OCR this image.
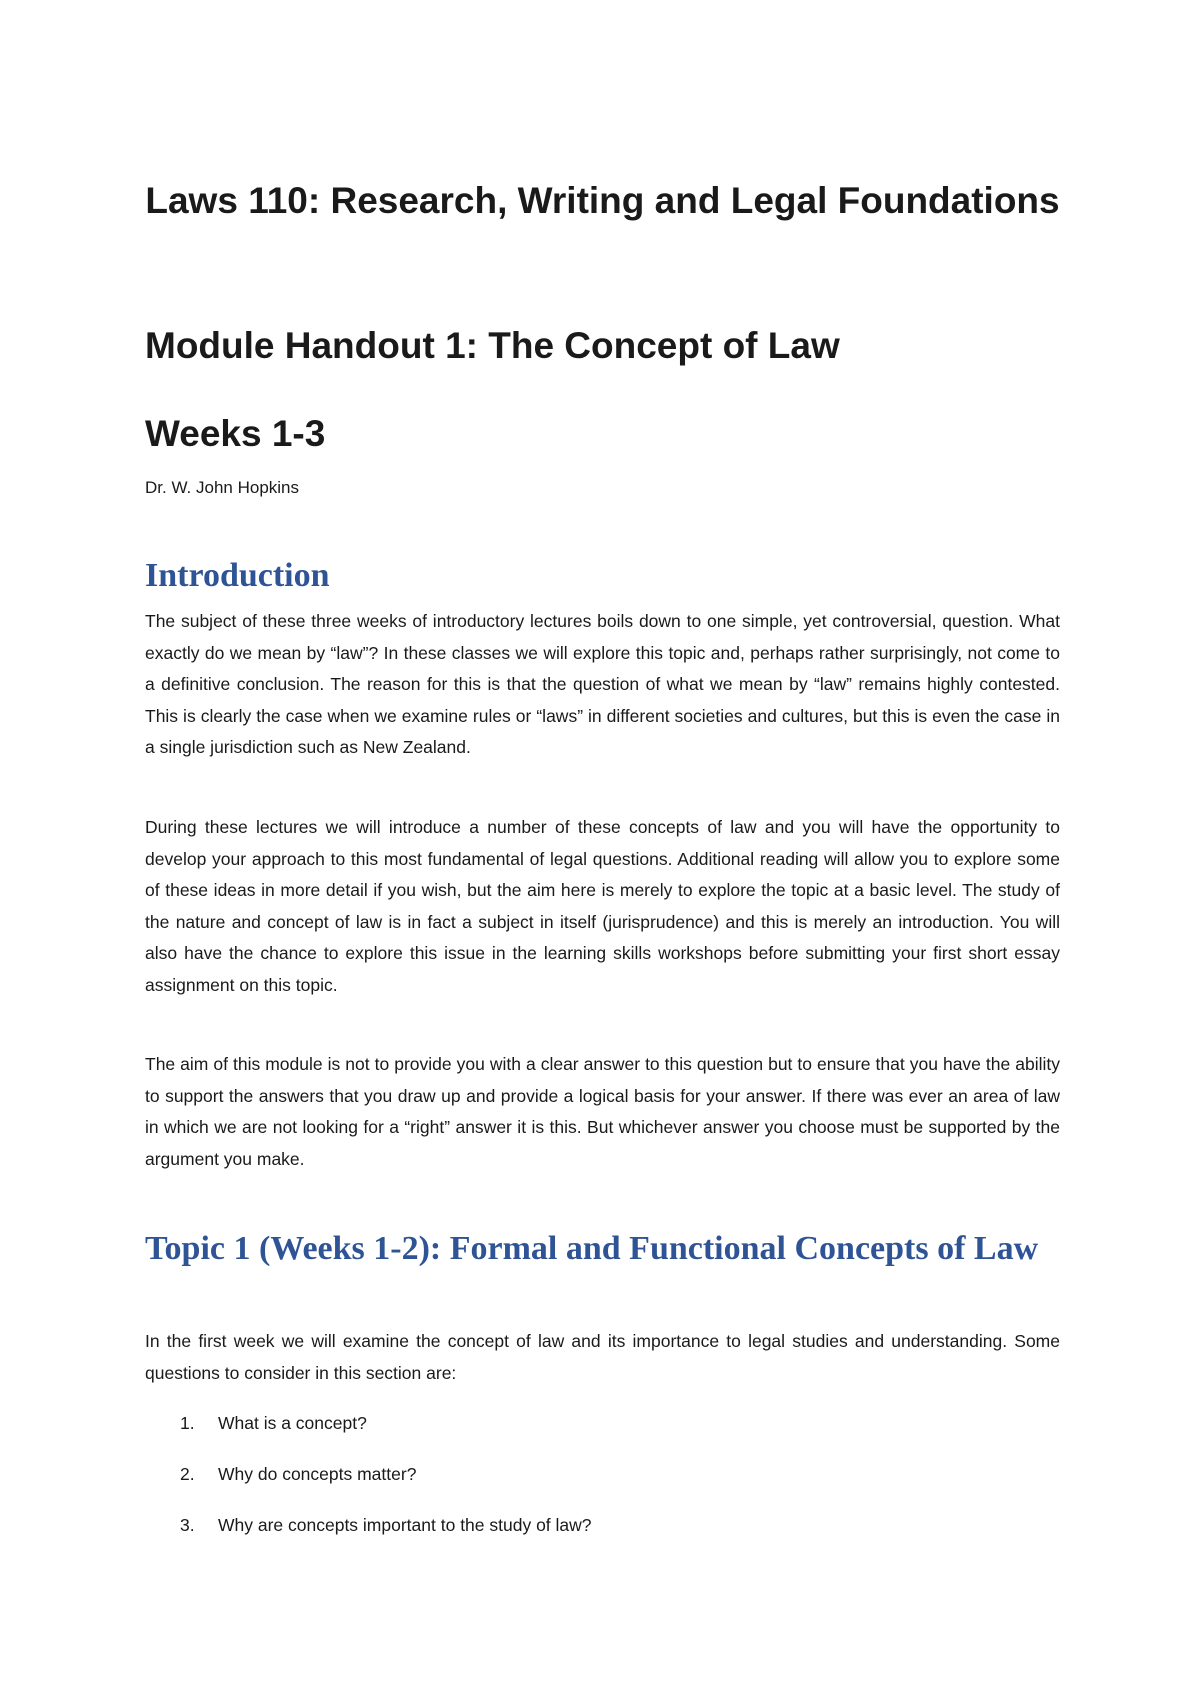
Laws 110: Research, Writing and Legal Foundations
Module Handout 1: The Concept of Law
Weeks 1-3

Dr. W. John Hopkins

Introduction

The subject of these three weeks of introductory lectures boils down to one simple, yet controversial, question. What exactly do we mean by “law”? In these classes we will explore this topic and, perhaps rather surprisingly, not come to a definitive conclusion. The reason for this is that the question of what we mean by “law” remains highly contested. This is clearly the case when we examine rules or “laws” in different societies and cultures, but this is even the case in a single jurisdiction such as New Zealand.

During these lectures we will introduce a number of these concepts of law and you will have the opportunity to develop your approach to this most fundamental of legal questions. Additional reading will allow you to explore some of these ideas in more detail if you wish, but the aim here is merely to explore the topic at a basic level. The study of the nature and concept of law is in fact a subject in itself (jurisprudence) and this is merely an introduction. You will also have the chance to explore this issue in the learning skills workshops before submitting your first short essay assignment on this topic.

The aim of this module is not to provide you with a clear answer to this question but to ensure that you have the ability to support the answers that you draw up and provide a logical basis for your answer. If there was ever an area of law in which we are not looking for a “right” answer it is this. But whichever answer you choose must be supported by the argument you make.

Topic 1 (Weeks 1-2): Formal and Functional Concepts of Law

In the first week we will examine the concept of law and its importance to legal studies and understanding. Some questions to consider in this section are:

1.	What is a concept?
2.	Why do concepts matter?
3.	Why are concepts important to the study of law?
